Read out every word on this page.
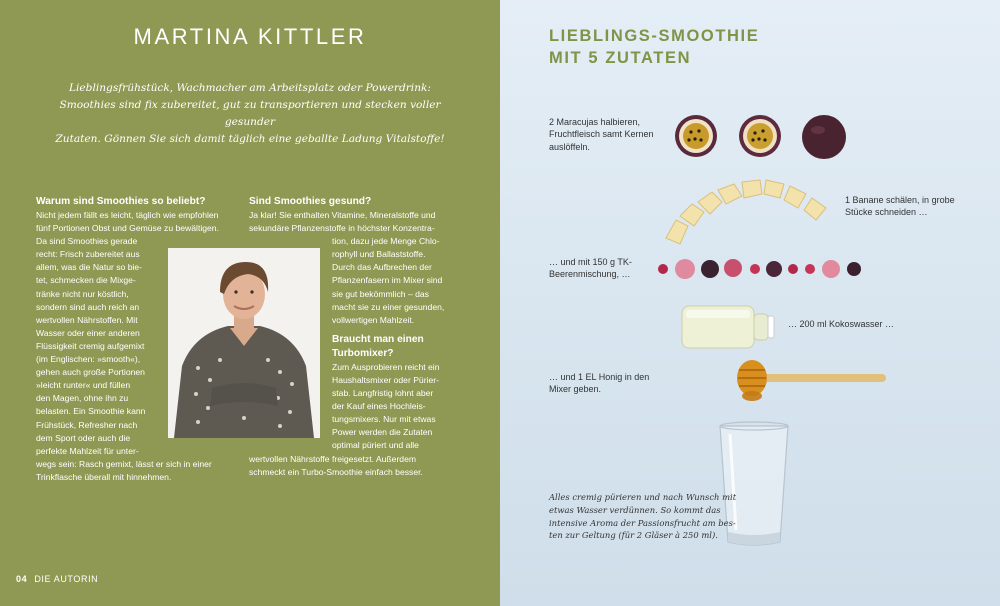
MARTINA KITTLER

Lieblingsfrühstück, Wachmacher am Arbeitsplatz oder Powerdrink:
Smoothies sind fix zubereitet, gut zu transportieren und stecken voller gesunder
Zutaten. Gönnen Sie sich damit täglich eine geballte Ladung Vitalstoffe!

Warum sind Smoothies so beliebt?
Nicht jedem fällt es leicht, täglich wie empfohlen
fünf Portionen Obst und Gemüse zu bewältigen.
Da sind Smoothies gerade
recht: Frisch zubereitet aus
allem, was die Natur so bie-
tet, schmecken die Mixge-
tränke nicht nur köstlich,
sondern sind auch reich an
wertvollen Nährstoffen. Mit
Wasser oder einer anderen
Flüssigkeit cremig aufgemixt
(im Englischen: »smooth«),
gehen auch große Portionen
»leicht runter« und füllen
den Magen, ohne ihn zu
belasten. Ein Smoothie kann
Frühstück, Refresher nach
dem Sport oder auch die
perfekte Mahlzeit für unter-
wegs sein: Rasch gemixt, lässt er sich in einer
Trinkflasche überall mit hinnehmen.
Sind Smoothies gesund?
Ja klar! Sie enthalten Vitamine, Mineralstoffe und
sekundäre Pflanzenstoffe in höchster Konzentra-
tion, dazu jede Menge Chlo-
rophyll und Ballaststoffe.
Durch das Aufbrechen der
Pflanzenfasern im Mixer sind
sie gut bekömmlich – das
macht sie zu einer gesunden,
vollwertigen Mahlzeit.
Braucht man einen
Turbomixer?
Zum Ausprobieren reicht ein
Haushaltsmixer oder Pürier-
stab. Langfristig lohnt aber
der Kauf eines Hochleis-
tungsmixers. Nur mit etwas
Power werden die Zutaten
optimal püriert und alle
wertvollen Nährstoffe freigesetzt. Außerdem
schmeckt ein Turbo-Smoothie einfach besser.
04 DIE AUTORIN
LIEBLINGS-SMOOTHIE
MIT 5 ZUTATEN
2 Maracujas halbieren,
Fruchtfleisch samt Kernen
auslöffeln.
1 Banane schälen, in grobe
Stücke schneiden …
… und mit 150 g TK-
Beerenmischung, …
… 200 ml Kokoswasser …
… und 1 EL Honig in den
Mixer geben.

Alles cremig pürieren und nach Wunsch mit
etwas Wasser verdünnen. So kommt das
intensive Aroma der Passionsfrucht am bes-
ten zur Geltung (für 2 Gläser à 250 ml).
